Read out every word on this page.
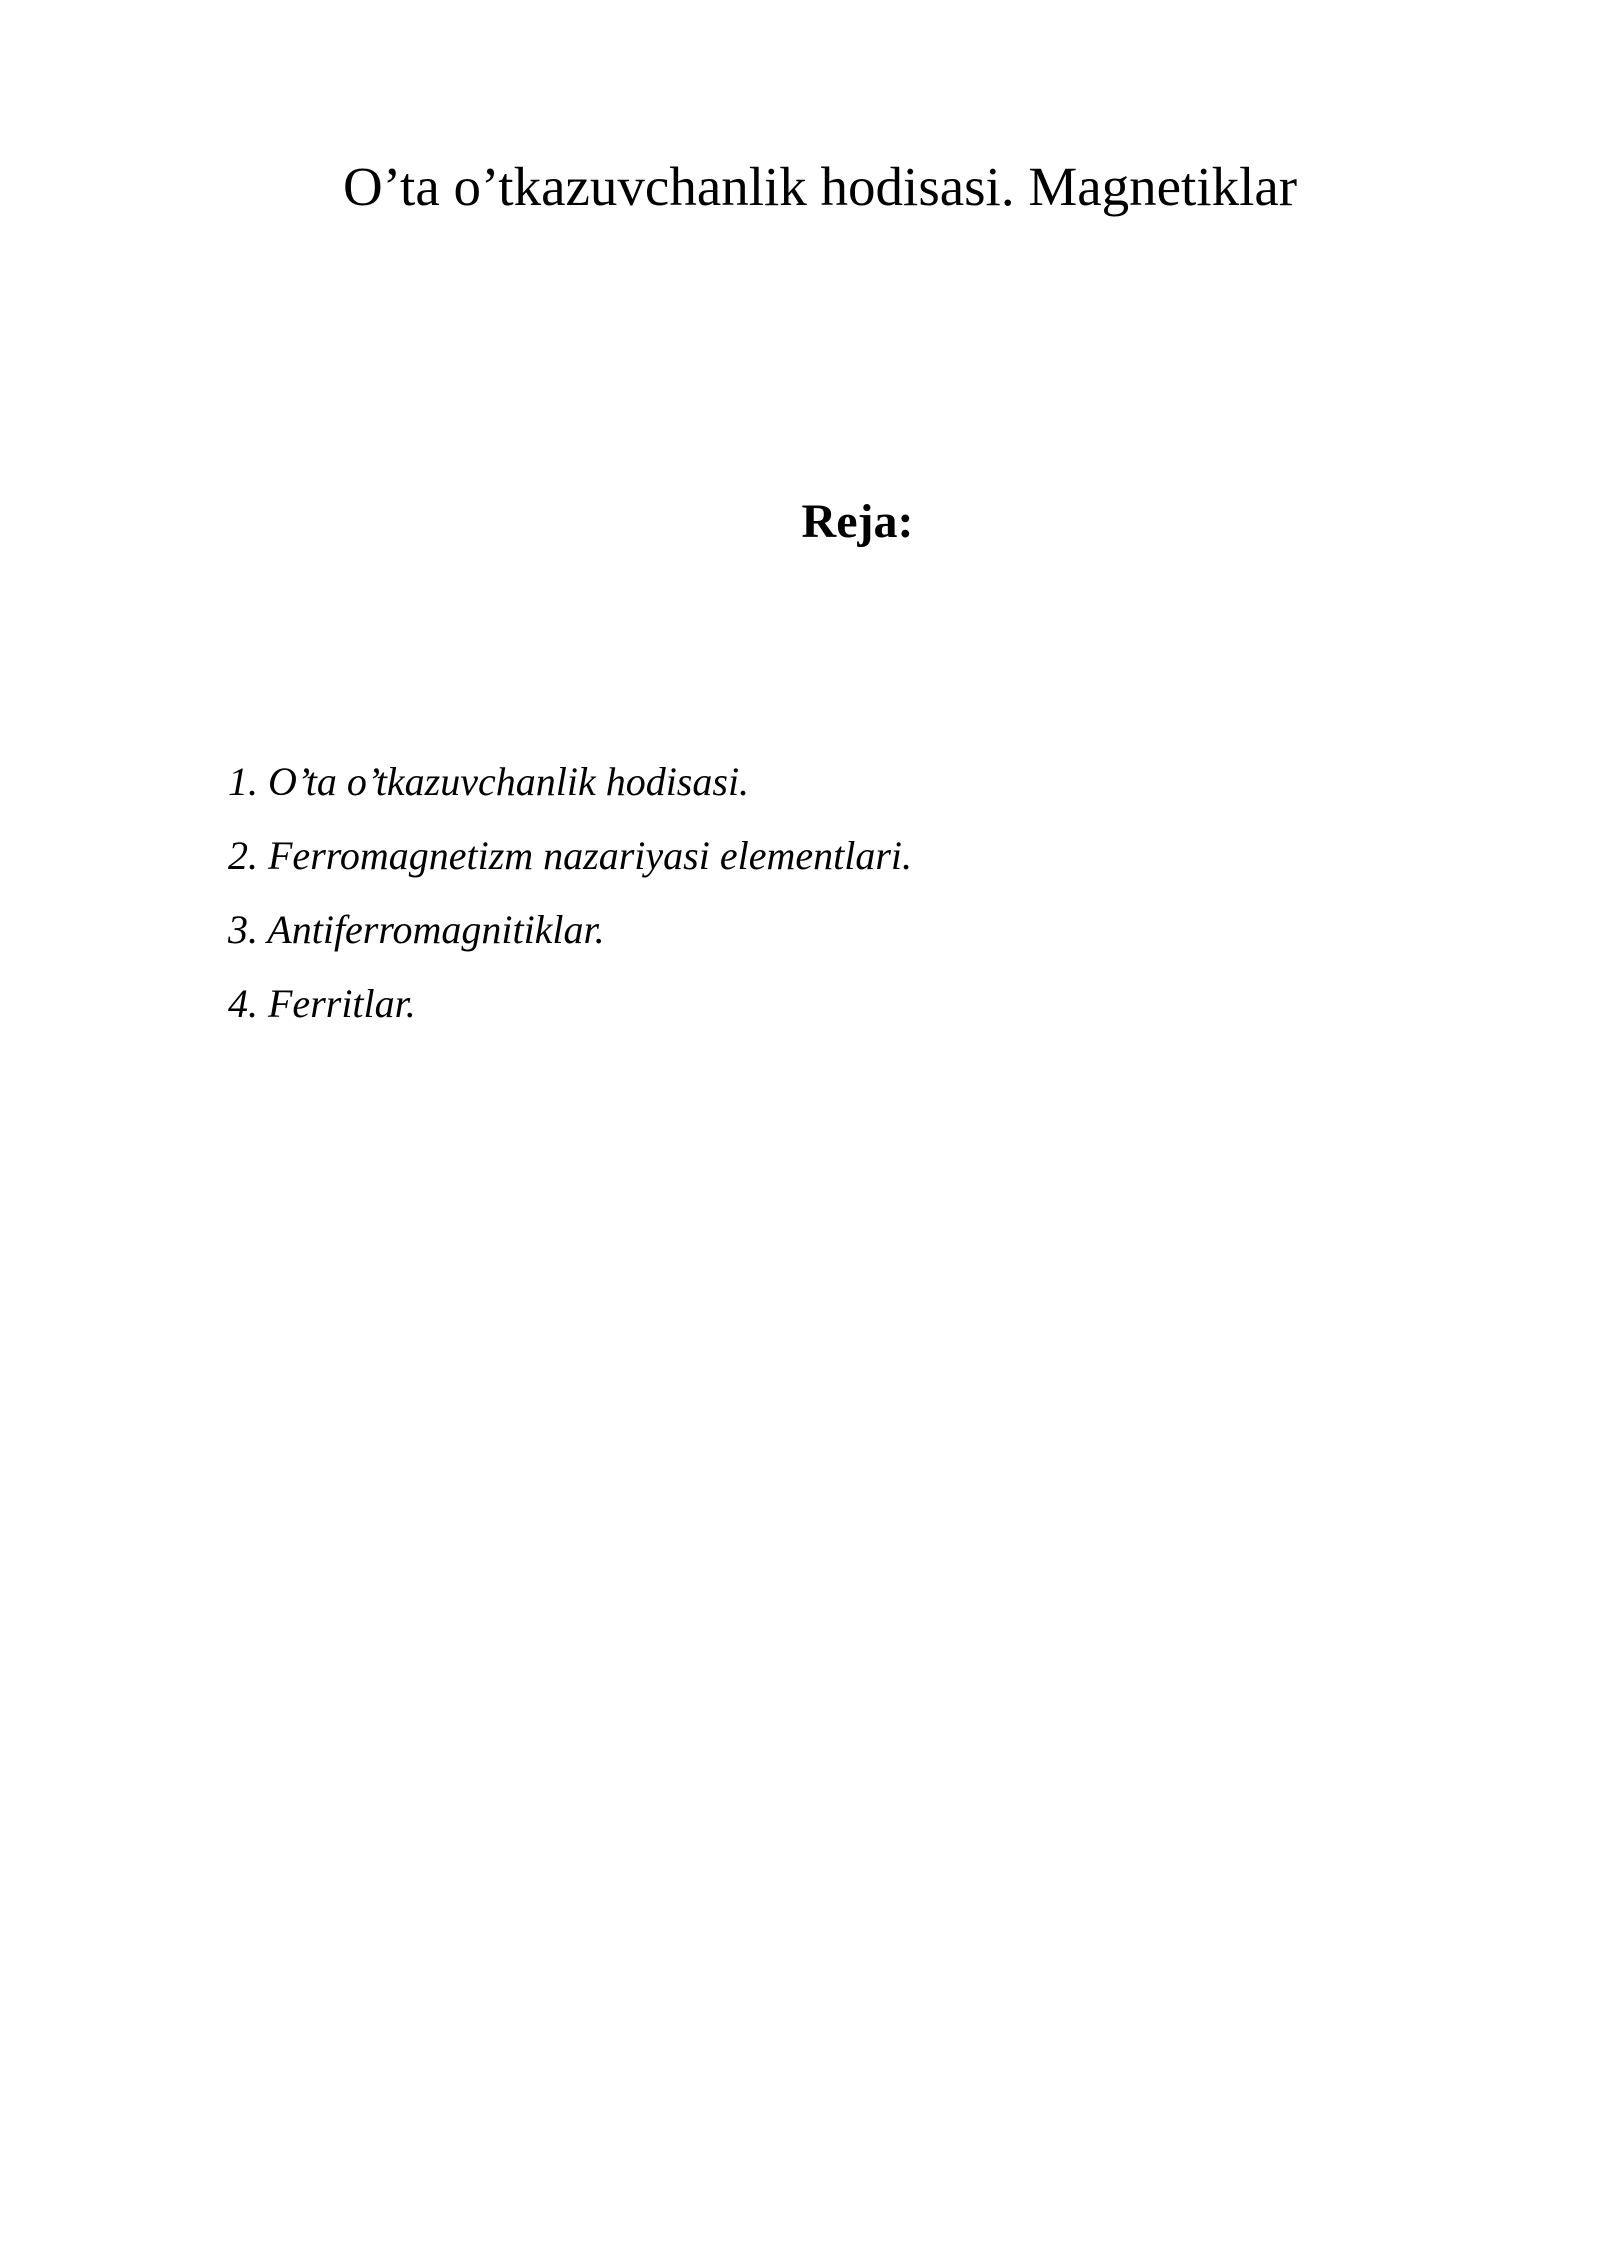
O’ta o’tkazuvchanlik hodisasi. Magnetiklar
Reja:
1. O’ta o’tkazuvchanlik hodisasi.
2. Ferromagnetizm nazariyasi elementlari.
3. Antiferromagnitiklar.
4. Ferritlar.
